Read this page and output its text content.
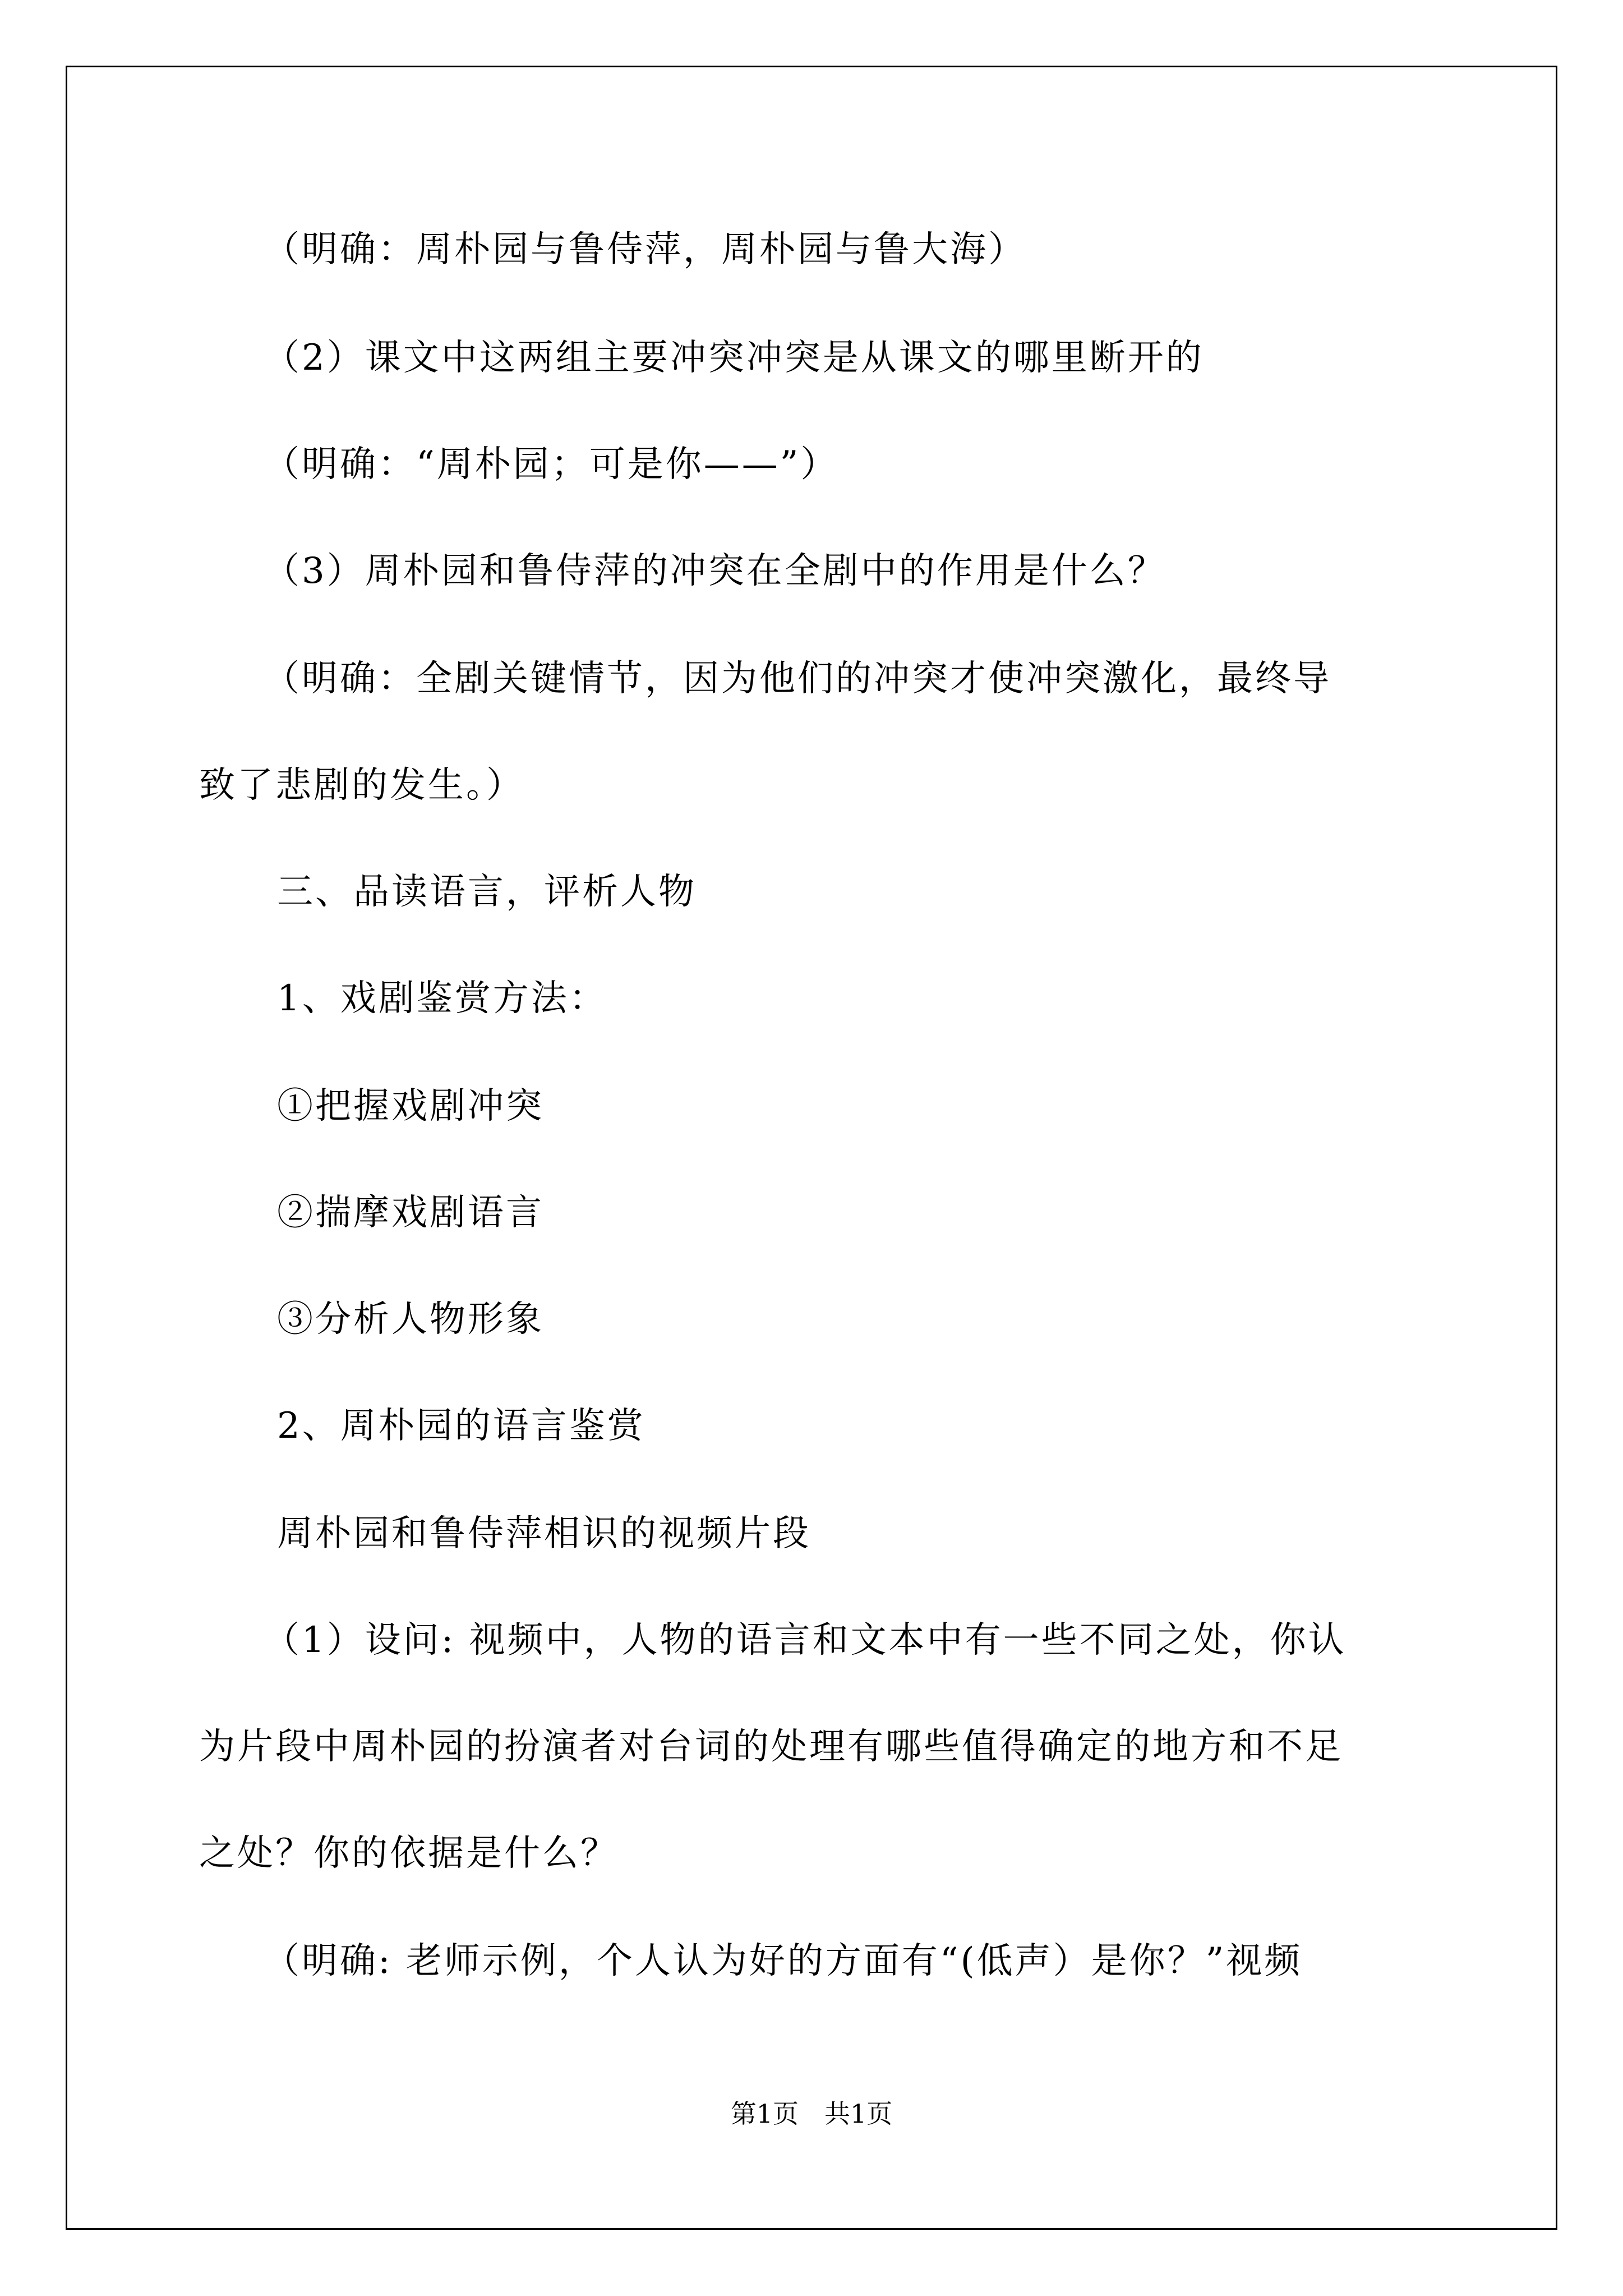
（明确：周朴园与鲁侍萍，周朴园与鲁大海）
（2）课文中这两组主要冲突冲突是从课文的哪里断开的
（明确：“周朴园；可是你——”）
（3）周朴园和鲁侍萍的冲突在全剧中的作用是什么？
（明确：全剧关键情节，因为他们的冲突才使冲突激化，最终导
致了悲剧的发生。）
三、品读语言，评析人物
1、戏剧鉴赏方法：
①把握戏剧冲突
②揣摩戏剧语言
③分析人物形象
2、周朴园的语言鉴赏
周朴园和鲁侍萍相识的视频片段
（1）设问: 视频中，人物的语言和文本中有一些不同之处，你认
为片段中周朴园的扮演者对台词的处理有哪些值得确定的地方和不足
之处？你的依据是什么？
（明确: 老师示例，个人认为好的方面有“(低声）是你？”视频
第1页　共1页
